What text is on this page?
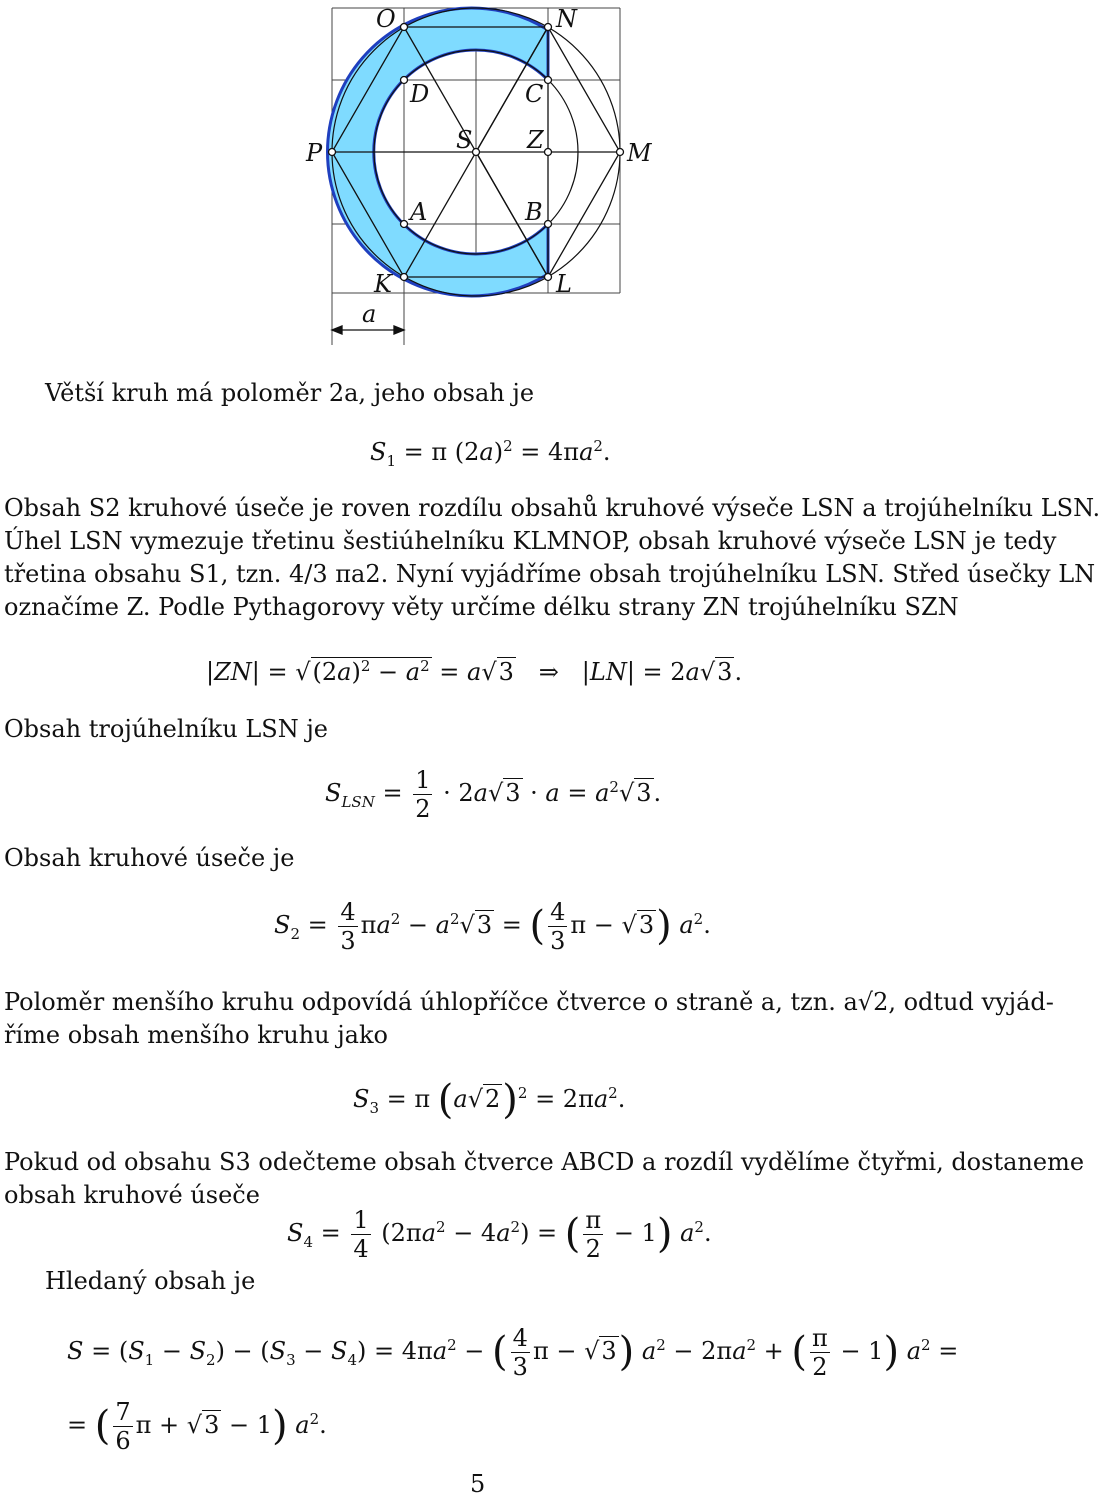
O	N
D	C
P	S Z	M
A	B
K	L
a
Větší kruh má poloměr 2a, jeho obsah je
$S_1 = \pi$ $(2a)^2 = 4\pi a^2$.
Obsah S2 kruhové úseče je roven rozdílu obsahů kruhové výseče LSN a trojúhelníku LSN.
Úhel LSN vymezuje třetinu šestiúhelníku KLMNOP, obsah kruhové výseče LSN je tedy
třetina obsahu S1, tzn. 4/3 πa2. Nyní vyjádříme obsah trojúhelníku LSN. Střed úsečky LN
označíme Z. Podle Pythagorovy věty určíme délku strany ZN trojúhelníku SZN
$|ZN| = √(2a)^2 - a^2 = a√3$   ⇒   |LN| = 2a√3.
Obsah trojúhelníku LSN je
$S_{LSN} = \frac{1}{2} \cdot 2a√3 \cdot a = a^2√3$.
Obsah kruhové úseče je
$S_2 = \frac{4}{3} \pi a^2 - a^2√3$ = ( $\frac{4}{3}$ π − √3) $a^2$.
Poloměr menšího kruhu odpovídá úhlopříčce čtverce o straně a, tzn. a√2, odtud vyjád-
říme obsah menšího kruhu jako
$S_3 = \pi$ $(a√2)^2 = 2\pi a^2$.
Pokud od obsahu S3 odečteme obsah čtverce ABCD a rozdíl vydělíme čtyřmi, dostaneme
obsah kruhové úseče
$S_4 = \frac{1}{4} (2\pi a^2 - 4a^2)$ = ( $\frac{\pi}{2} - 1$) $a^2$.
Hledaný obsah je
$S = (S_1 - S_2) - (S_3 - S_4) = 4\pi a^2$ − ( $\frac{4}{3}$ π − √3) $a^2 - 2\pi a^2$ + ( $\frac{\pi}{2} - 1$) $a^2$ =
= ( $\frac{7}{6}$ π + √3 − 1) $a^2$.
5
